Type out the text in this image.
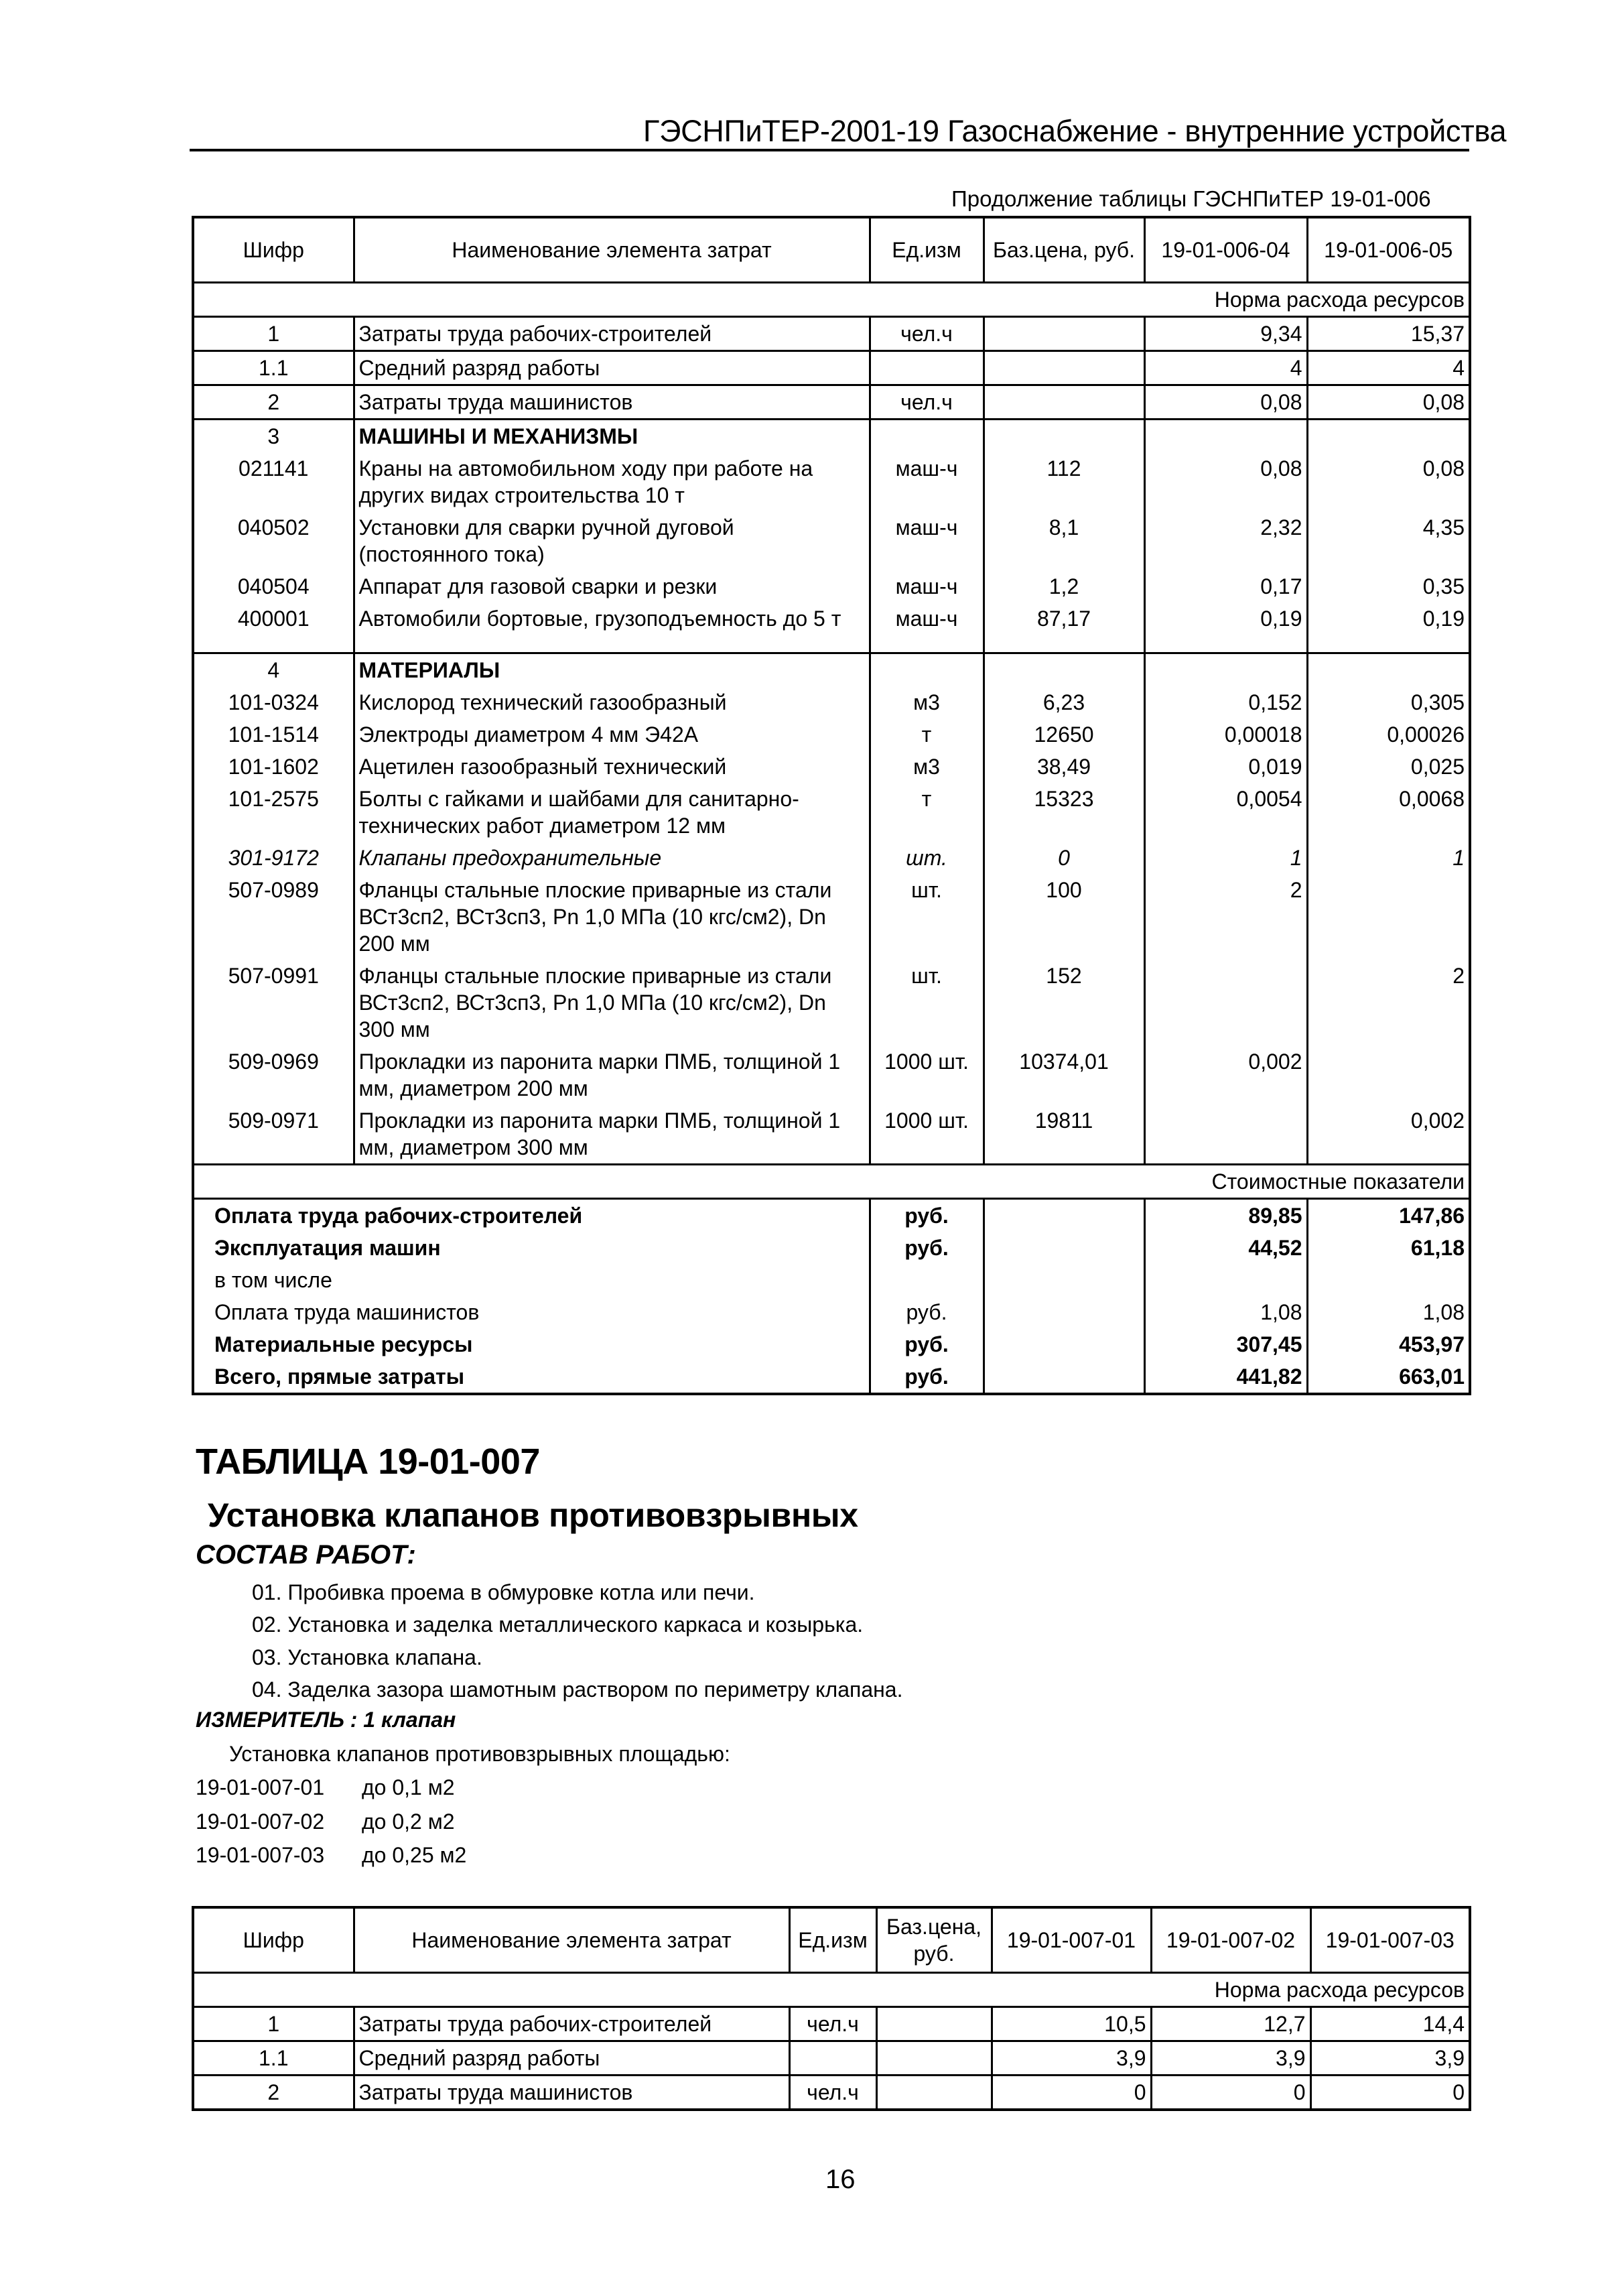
ГЭСНПиТЕР-2001-19 Газоснабжение - внутренние устройства
Продолжение таблицы ГЭСНПиТЕР 19-01-006
Шифр	Наименование элемента затрат	Ед.изм	Баз.цена, руб.	19-01-006-04	19-01-006-05
Норма расхода ресурсов					
1	Затраты труда рабочих-строителей	чел.ч		9,34	15,37
1.1	Средний разряд работы			4	4
2	Затраты труда машинистов	чел.ч		0,08	0,08
3	МАШИНЫ И МЕХАНИЗМЫ				
021141	Краны на автомобильном ходу при работе на других видах строительства 10 т	маш-ч	112	0,08	0,08
040502	Установки для сварки ручной дуговой (постоянного тока)	маш-ч	8,1	2,32	4,35
040504	Аппарат для газовой сварки и резки	маш-ч	1,2	0,17	0,35
400001	Автомобили бортовые, грузоподъемность до 5 т	маш-ч	87,17	0,19	0,19

4	МАТЕРИАЛЫ				
101-0324	Кислород технический газообразный	м3	6,23	0,152	0,305
101-1514	Электроды диаметром 4 мм Э42А	т	12650	0,00018	0,00026
101-1602	Ацетилен газообразный технический	м3	38,49	0,019	0,025
101-2575	Болты с гайками и шайбами для санитарно-технических работ диаметром 12 мм	т	15323	0,0054	0,0068
301-9172	Клапаны предохранительные	шт.	0	1	1
507-0989	Фланцы стальные плоские приварные из стали ВСт3сп2, ВСт3сп3, Рn 1,0 МПа (10 кгс/см2), Dn 200 мм	шт.	100	2	
507-0991	Фланцы стальные плоские приварные из стали ВСт3сп2, ВСт3сп3, Рn 1,0 МПа (10 кгс/см2), Dn 300 мм	шт.	152		2
509-0969	Прокладки из паронита марки ПМБ, толщиной 1 мм, диаметром 200 мм	1000 шт.	10374,01	0,002	
509-0971	Прокладки из паронита марки ПМБ, толщиной 1 мм, диаметром 300 мм	1000 шт.	19811		0,002
Стоимостные показатели					
Оплата труда рабочих-строителей		руб.		89,85	147,86
Эксплуатация машин		руб.		44,52	61,18
в том числе					
Оплата труда машинистов		руб.		1,08	1,08
Материальные ресурсы		руб.		307,45	453,97
Всего, прямые затраты		руб.		441,82	663,01
ТАБЛИЦА 19-01-007
Установка клапанов противовзрывных
СОСТАВ РАБОТ:
01. Пробивка проема в обмуровке котла или печи.
02. Установка и заделка металлического каркаса и козырька.
03. Установка клапана.
04. Заделка зазора шамотным раствором по периметру клапана.
ИЗМЕРИТЕЛЬ : 1 клапан
Установка клапанов противовзрывных площадью:
19-01-007-01 до 0,1 м2
19-01-007-02 до 0,2 м2
19-01-007-03 до 0,25 м2
Шифр	Наименование элемента затрат	Ед.изм	Баз.цена, руб.	19-01-007-01	19-01-007-02	19-01-007-03
Норма расхода ресурсов						
1	Затраты труда рабочих-строителей	чел.ч		10,5	12,7	14,4
1.1	Средний разряд работы			3,9	3,9	3,9
2	Затраты труда машинистов	чел.ч		0	0	0
16
